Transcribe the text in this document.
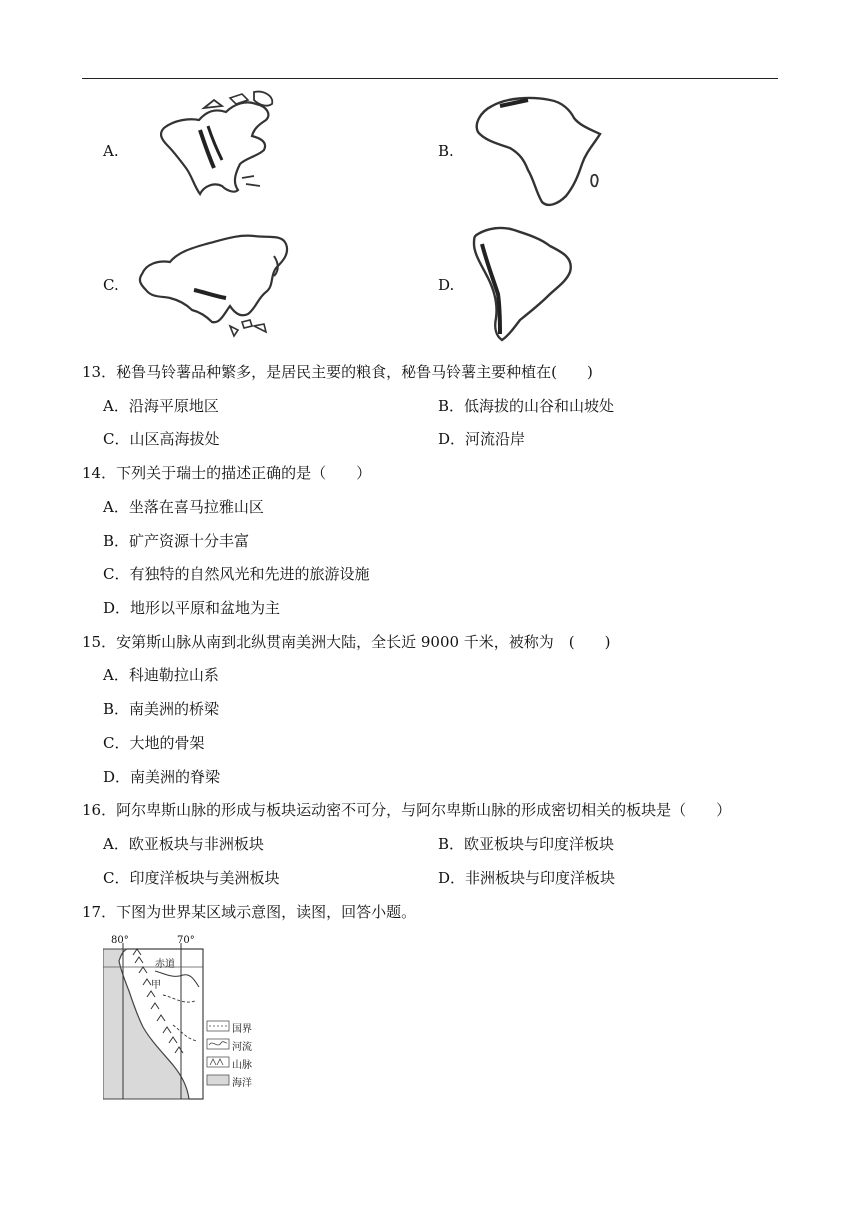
A.	B.
C.	D.
13．秘鲁马铃薯品种繁多，是居民主要的粮食，秘鲁马铃薯主要种植在(　　)
A．沿海平原地区	B．低海拔的山谷和山坡处
C．山区高海拔处	D．河流沿岸
14．下列关于瑞士的描述正确的是（　　）
A．坐落在喜马拉雅山区
B．矿产资源十分丰富
C．有独特的自然风光和先进的旅游设施
D．地形以平原和盆地为主
15．安第斯山脉从南到北纵贯南美洲大陆，全长近 9000 千米，被称为　(　　)
A．科迪勒拉山系
B．南美洲的桥梁
C．大地的骨架
D．南美洲的脊梁
16．阿尔卑斯山脉的形成与板块运动密不可分，与阿尔卑斯山脉的形成密切相关的板块是（　　）
A．欧亚板块与非洲板块	B．欧亚板块与印度洋板块
C．印度洋板块与美洲板块	D．非洲板块与印度洋板块
17．下图为世界某区域示意图，读图，回答小题。
80°	70°
赤道
甲
国界
河流
山脉
海洋
